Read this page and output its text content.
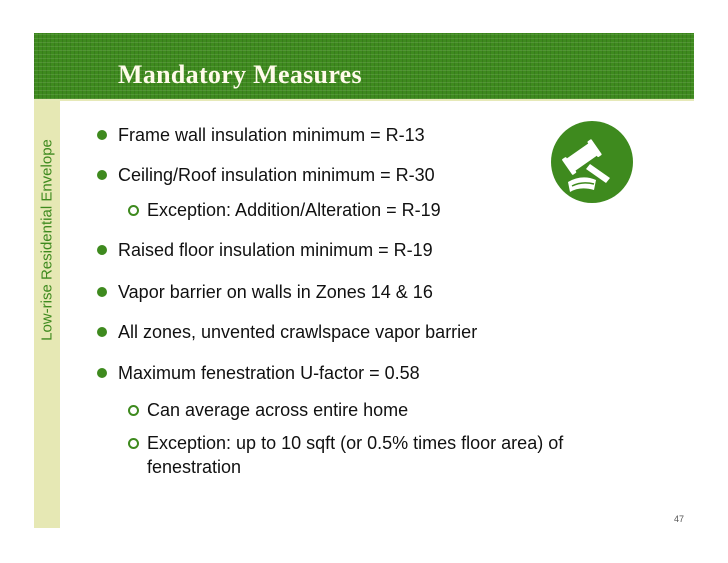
Mandatory Measures
Low-rise Residential Envelope
Frame wall insulation minimum = R-13
Ceiling/Roof insulation minimum = R-30
Exception: Addition/Alteration = R-19
Raised floor insulation minimum = R-19
Vapor barrier on walls in Zones 14 & 16
All zones, unvented crawlspace vapor barrier
Maximum fenestration U-factor = 0.58
Can average across entire home
Exception: up to 10 sqft (or 0.5% times floor area) of
fenestration
47
